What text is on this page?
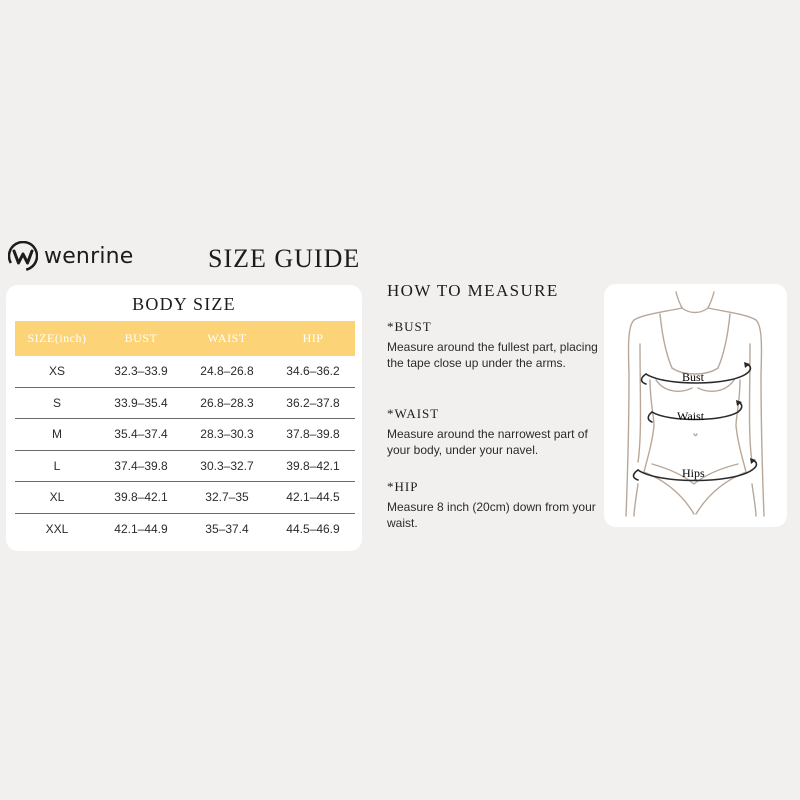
wenrine	SIZE GUIDE
BODY SIZE
SIZE(inch)	BUST	WAIST	HIP
XS	32.3–33.9	24.8–26.8	34.6–36.2
S	33.9–35.4	26.8–28.3	36.2–37.8
M	35.4–37.4	28.3–30.3	37.8–39.8
L	37.4–39.8	30.3–32.7	39.8–42.1
XL	39.8–42.1	32.7–35	42.1–44.5
XXL	42.1–44.9	35–37.4	44.5–46.9
HOW TO MEASURE
*BUST
Measure around the fullest part, placing the tape close up under the arms.
*WAIST
Measure around the narrowest part of your body, under your navel.
*HIP
Measure 8 inch (20cm) down from your waist.
Bust
Waist
Hips
